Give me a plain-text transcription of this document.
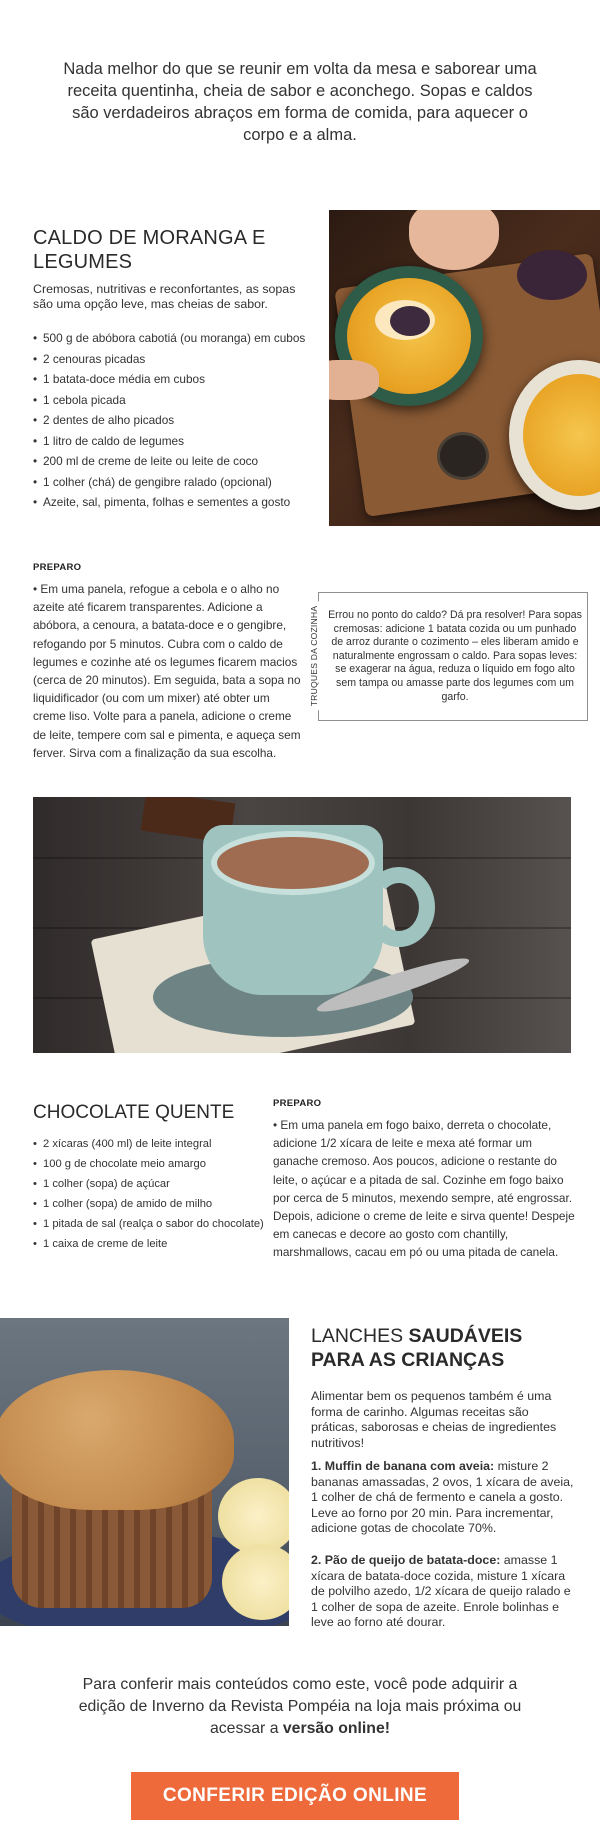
Nada melhor do que se reunir em volta da mesa e saborear uma receita quentinha, cheia de sabor e aconchego. Sopas e caldos são verdadeiros abraços em forma de comida, para aquecer o corpo e a alma.
CALDO DE MORANGA E LEGUMES
Cremosas, nutritivas e reconfortantes, as sopas são uma opção leve, mas cheias de sabor.
• 500 g de abóbora cabotiá (ou moranga) em cubos
• 2 cenouras picadas
• 1 batata-doce média em cubos
• 1 cebola picada
• 2 dentes de alho picados
• 1 litro de caldo de legumes
• 200 ml de creme de leite ou leite de coco
• 1 colher (chá) de gengibre ralado (opcional)
• Azeite, sal, pimenta, folhas e sementes a gosto
PREPARO
• Em uma panela, refogue a cebola e o alho no azeite até ficarem transparentes. Adicione a abóbora, a cenoura, a batata-doce e o gengibre, refogando por 5 minutos. Cubra com o caldo de legumes e cozinhe até os legumes ficarem macios (cerca de 20 minutos). Em seguida, bata a sopa no liquidificador (ou com um mixer) até obter um creme liso. Volte para a panela, adicione o creme de leite, tempere com sal e pimenta, e aqueça sem ferver. Sirva com a finalização da sua escolha.
TRUQUES DA COZINHA Errou no ponto do caldo? Dá pra resolver! Para sopas cremosas: adicione 1 batata cozida ou um punhado de arroz durante o cozimento – eles liberam amido e naturalmente engrossam o caldo. Para sopas leves: se exagerar na água, reduza o líquido em fogo alto sem tampa ou amasse parte dos legumes com um garfo.
CHOCOLATE QUENTE
• 2 xícaras (400 ml) de leite integral
• 100 g de chocolate meio amargo
• 1 colher (sopa) de açúcar
• 1 colher (sopa) de amido de milho
• 1 pitada de sal (realça o sabor do chocolate)
• 1 caixa de creme de leite
PREPARO
• Em uma panela em fogo baixo, derreta o chocolate, adicione 1/2 xícara de leite e mexa até formar um ganache cremoso. Aos poucos, adicione o restante do leite, o açúcar e a pitada de sal. Cozinhe em fogo baixo por cerca de 5 minutos, mexendo sempre, até engrossar. Depois, adicione o creme de leite e sirva quente! Despeje em canecas e decore ao gosto com chantilly, marshmallows, cacau em pó ou uma pitada de canela.
LANCHES SAUDÁVEIS
PARA AS CRIANÇAS
Alimentar bem os pequenos também é uma forma de carinho. Algumas receitas são práticas, saborosas e cheias de ingredientes nutritivos!
1. Muffin de banana com aveia: misture 2 bananas amassadas, 2 ovos, 1 xícara de aveia, 1 colher de chá de fermento e canela a gosto. Leve ao forno por 20 min. Para incrementar, adicione gotas de chocolate 70%.
2. Pão de queijo de batata-doce: amasse 1 xícara de batata-doce cozida, misture 1 xícara de polvilho azedo, 1/2 xícara de queijo ralado e 1 colher de sopa de azeite. Enrole bolinhas e leve ao forno até dourar.
Para conferir mais conteúdos como este, você pode adquirir a edição de Inverno da Revista Pompéia na loja mais próxima ou acessar a versão online!
CONFERIR EDIÇÃO ONLINE
